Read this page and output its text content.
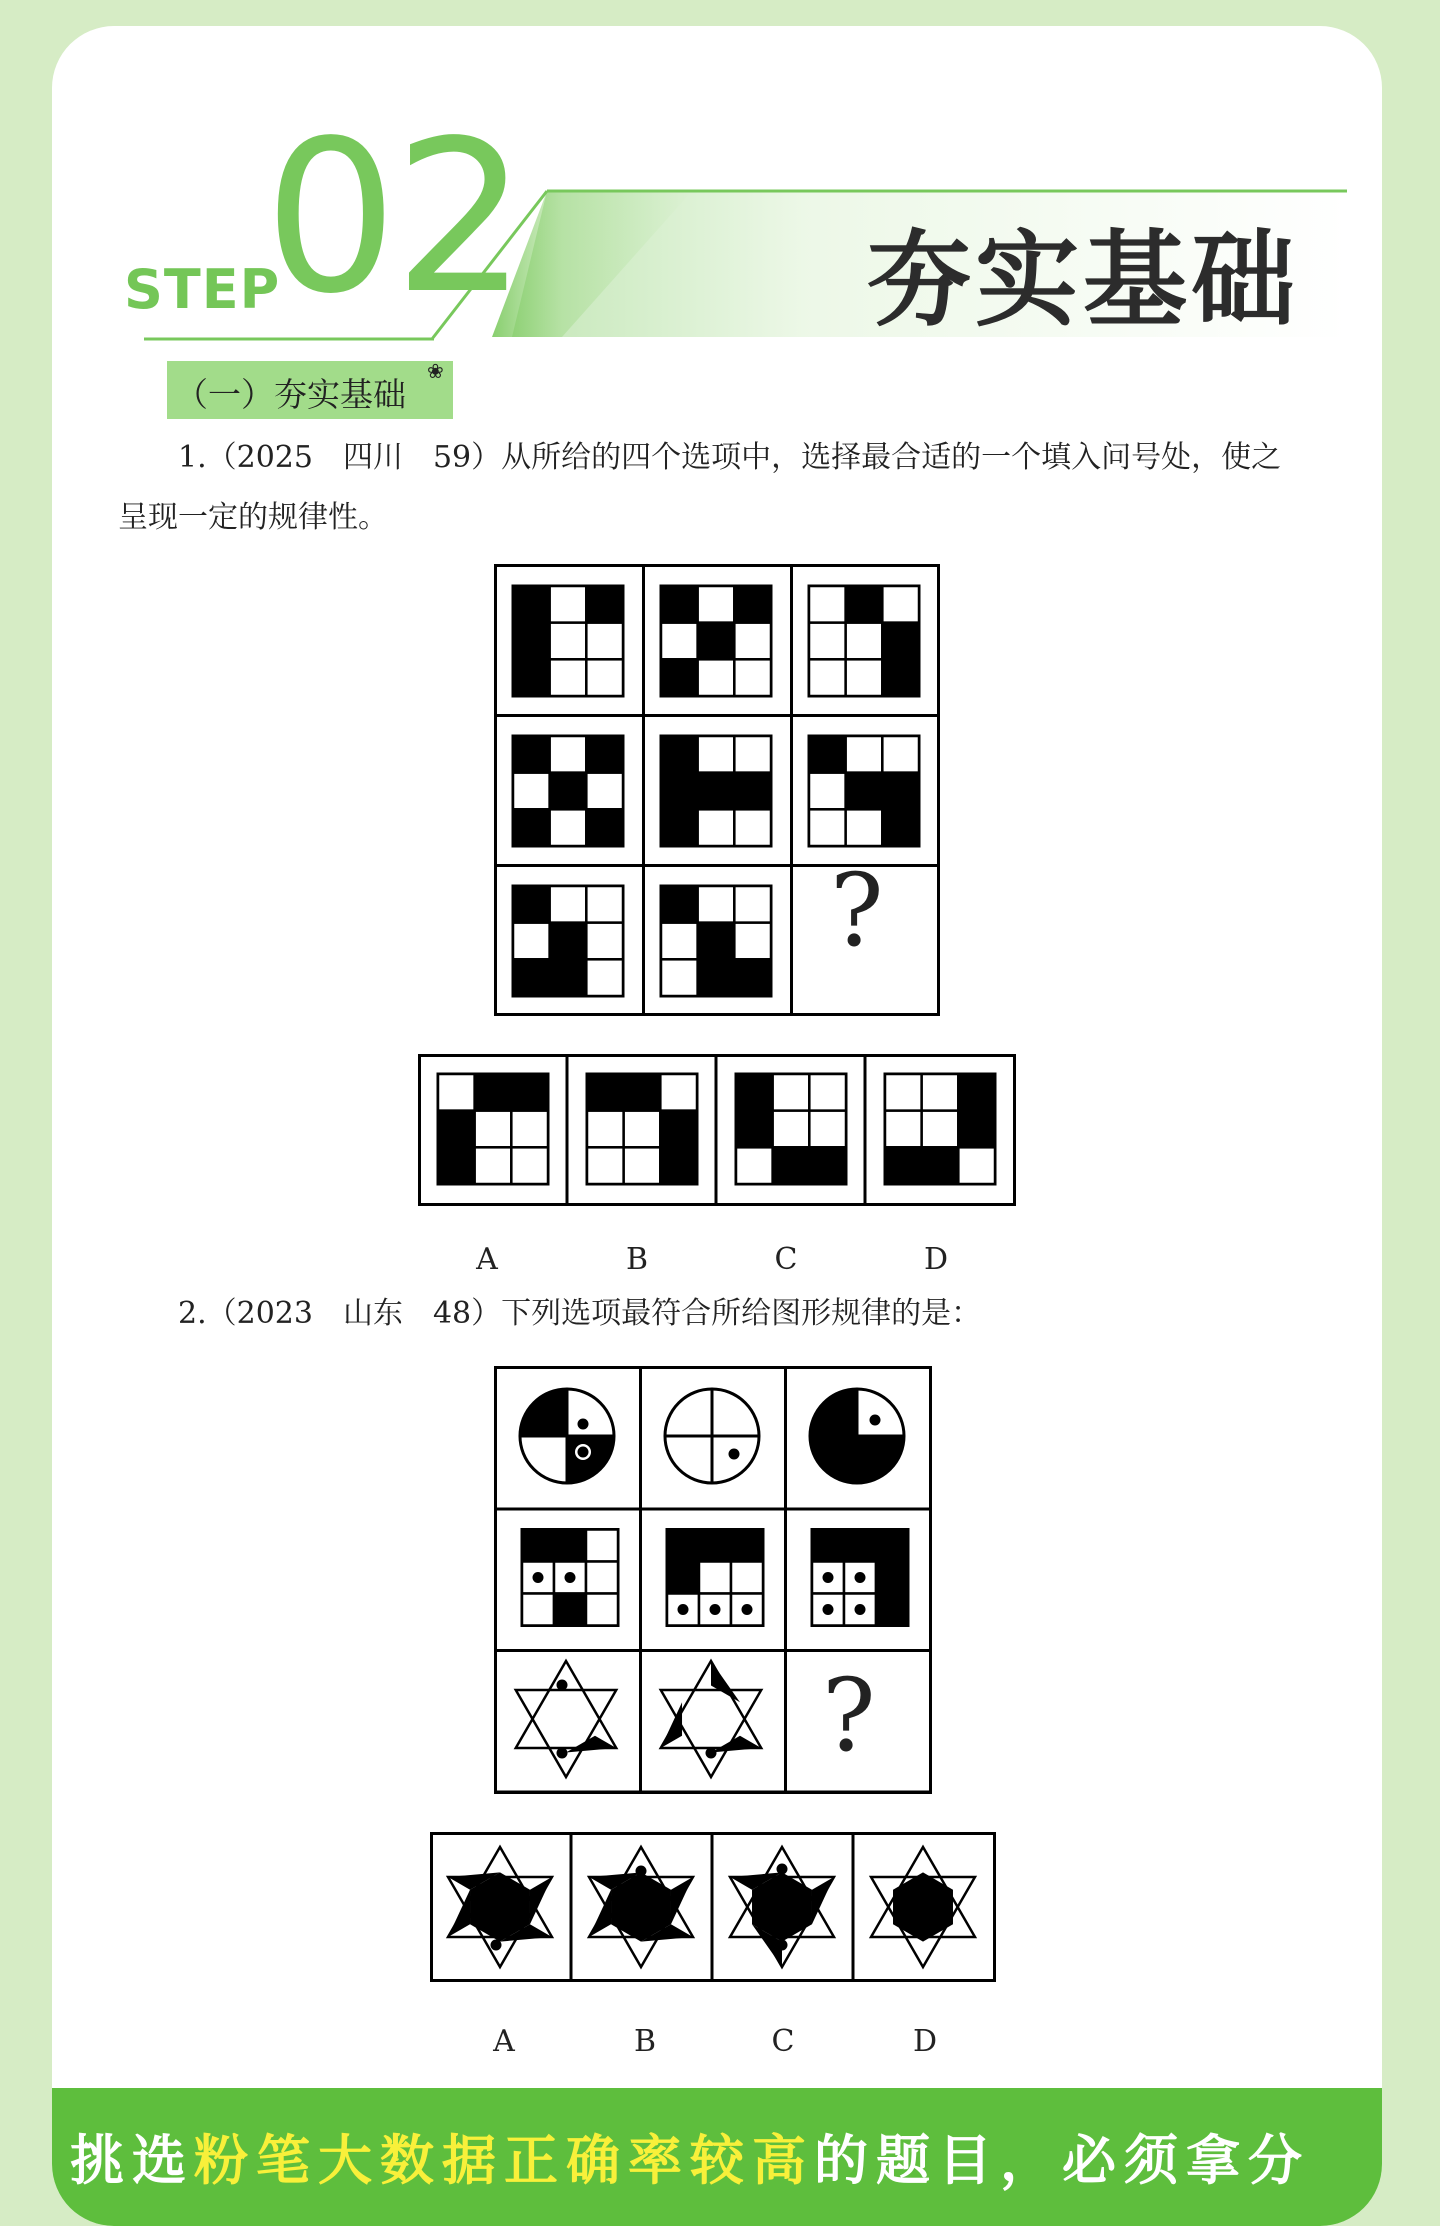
STEP
02	夯实基础
（一）夯实基础
❀
1.（2025　四川　59）从所给的四个选项中，选择最合适的一个填入问号处，使之
呈现一定的规律性。
?
A	B	C	D
2.（2023　山东　48）下列选项最符合所给图形规律的是：
?
A	B	C	D
挑选粉笔大数据正确率较高的题目，必须拿分
